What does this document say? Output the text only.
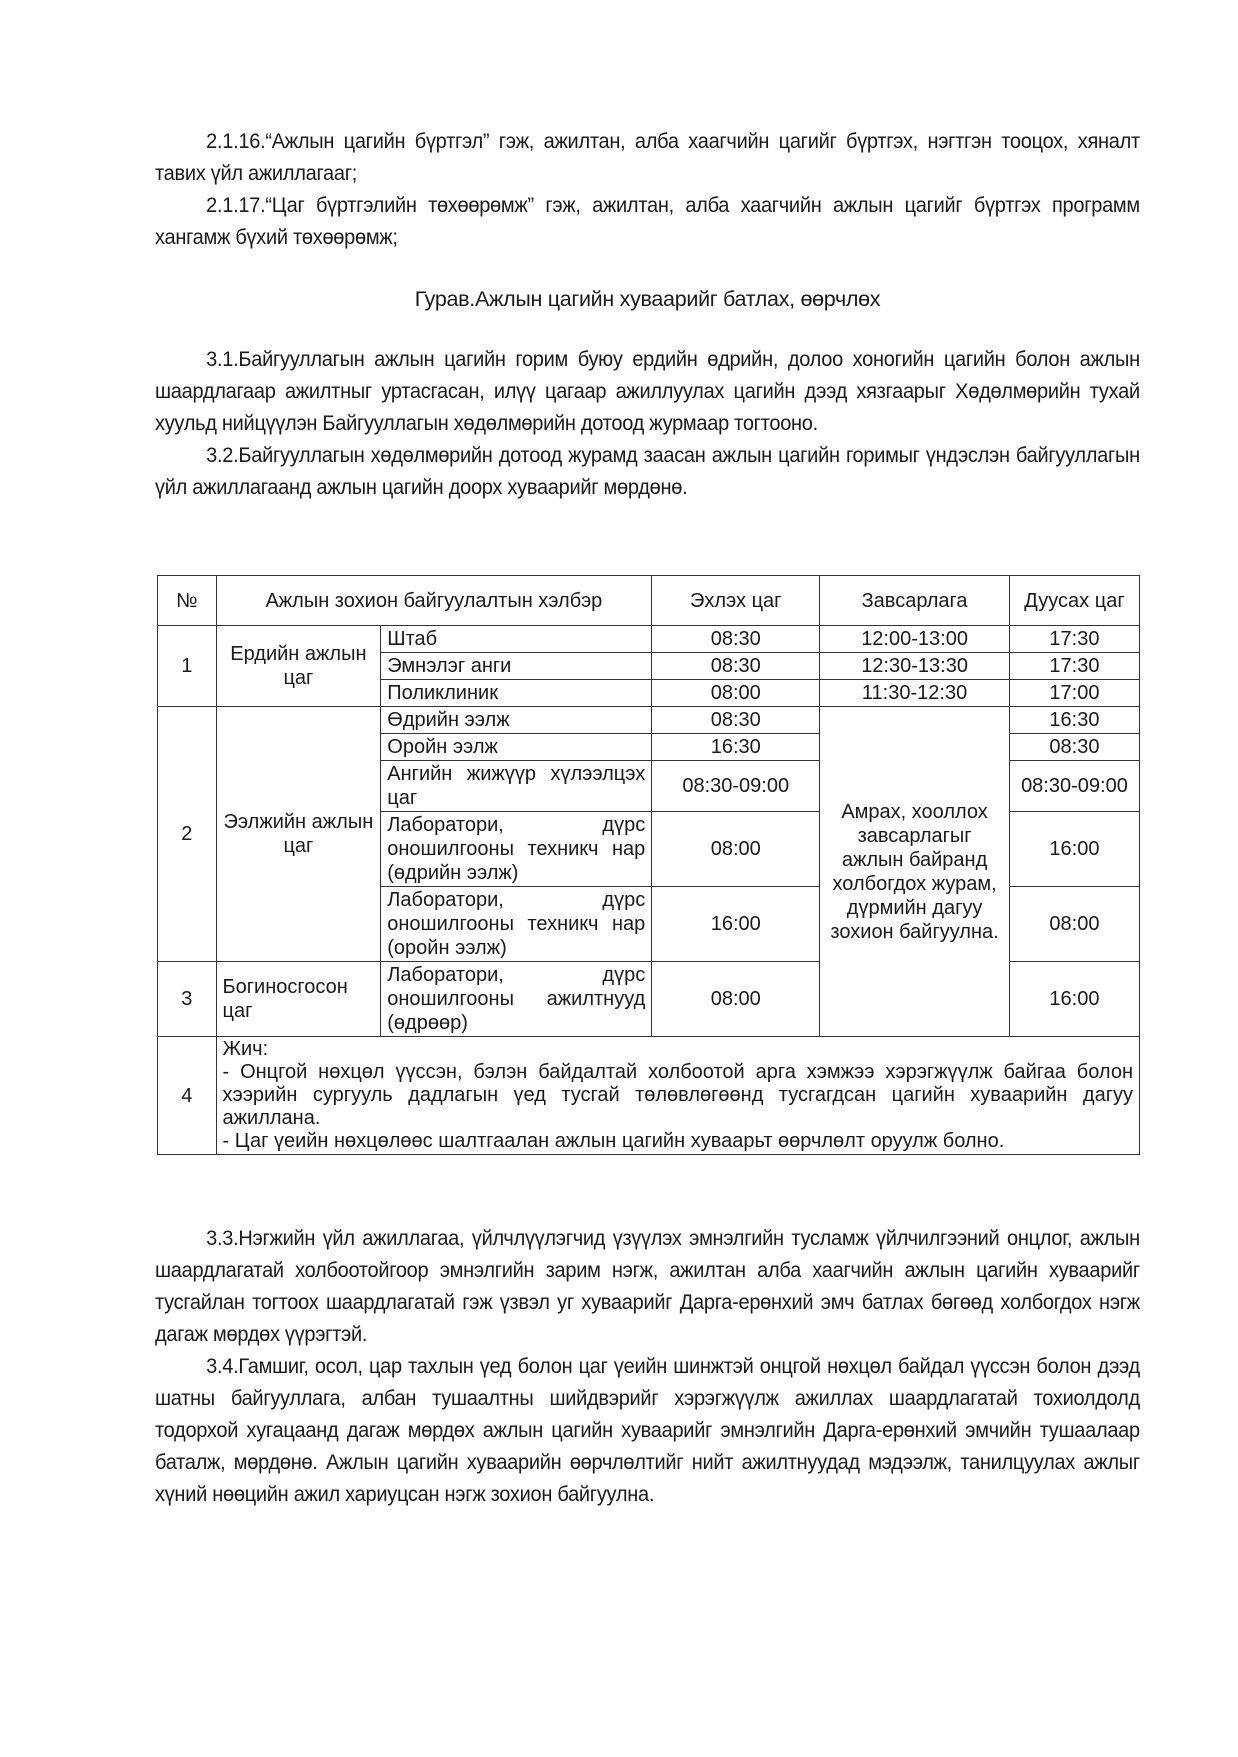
2.1.16.“Ажлын цагийн бүртгэл” гэж, ажилтан, алба хаагчийн цагийг бүртгэх, нэгтгэн тооцох, хяналт тавих үйл ажиллагааг;

2.1.17.“Цаг бүртгэлийн төхөөрөмж” гэж, ажилтан, алба хаагчийн ажлын цагийг бүртгэх программ хангамж бүхий төхөөрөмж;

Гурав.Ажлын цагийн хуваарийг батлах, өөрчлөх

3.1.Байгууллагын ажлын цагийн горим буюу ердийн өдрийн, долоо хоногийн цагийн болон ажлын шаардлагаар ажилтныг уртасгасан, илүү цагаар ажиллуулах цагийн дээд хязгаарыг Хөдөлмөрийн тухай хуульд нийцүүлэн Байгууллагын хөдөлмөрийн дотоод журмаар тогтооно.

3.2.Байгууллагын хөдөлмөрийн дотоод журамд заасан ажлын цагийн горимыг үндэслэн байгууллагын үйл ажиллагаанд ажлын цагийн доорх хуваарийг мөрдөнө.

№	Ажлын зохион байгуулалтын хэлбэр		Эхлэх цаг	Завсарлага	Дуусах цаг
1	Ердийн ажлын цаг	Штаб	08:30	12:00-13:00	17:30
		Эмнэлэг анги	08:30	12:30-13:30	17:30
		Поликлиник	08:00	11:30-12:30	17:00
2	Ээлжийн ажлын цаг	Өдрийн ээлж	08:30	Амрах, хооллох завсарлагыг ажлын байранд холбогдох журам, дүрмийн дагуу зохион байгуулна.	16:30
		Оройн ээлж	16:30		08:30
		Ангийн жижүүр хүлээлцэх цаг	08:30-09:00		08:30-09:00
		Лаборатори, дүрс оношилгооны техникч нар (өдрийн ээлж)	08:00		16:00
		Лаборатори, дүрс оношилгооны техникч нар (оройн ээлж)	16:00		08:00
3	Богиносгосон цаг	Лаборатори, дүрс оношилгооны ажилтнууд (өдрөөр)	08:00		16:00
4	Жич:
- Онцгой нөхцөл үүссэн, бэлэн байдалтай холбоотой арга хэмжээ хэрэгжүүлж байгаа болон хээрийн сургууль дадлагын үед тусгай төлөвлөгөөнд тусгагдсан цагийн хуваарийн дагуу ажиллана.
- Цаг үеийн нөхцөлөөс шалтгаалан ажлын цагийн хуваарьт өөрчлөлт оруулж болно.				

3.3.Нэгжийн үйл ажиллагаа, үйлчлүүлэгчид үзүүлэх эмнэлгийн тусламж үйлчилгээний онцлог, ажлын шаардлагатай холбоотойгоор эмнэлгийн зарим нэгж, ажилтан алба хаагчийн ажлын цагийн хуваарийг тусгайлан тогтоох шаардлагатай гэж үзвэл уг хуваарийг Дарга-ерөнхий эмч батлах бөгөөд холбогдох нэгж дагаж мөрдөх үүрэгтэй.

3.4.Гамшиг, осол, цар тахлын үед болон цаг үеийн шинжтэй онцгой нөхцөл байдал үүссэн болон дээд шатны байгууллага, албан тушаалтны шийдвэрийг хэрэгжүүлж ажиллах шаардлагатай тохиолдолд тодорхой хугацаанд дагаж мөрдөх ажлын цагийн хуваарийг эмнэлгийн Дарга-ерөнхий эмчийн тушаалаар баталж, мөрдөнө. Ажлын цагийн хуваарийн өөрчлөлтийг нийт ажилтнуудад мэдээлж, танилцуулах ажлыг хүний нөөцийн ажил хариуцсан нэгж зохион байгуулна.
